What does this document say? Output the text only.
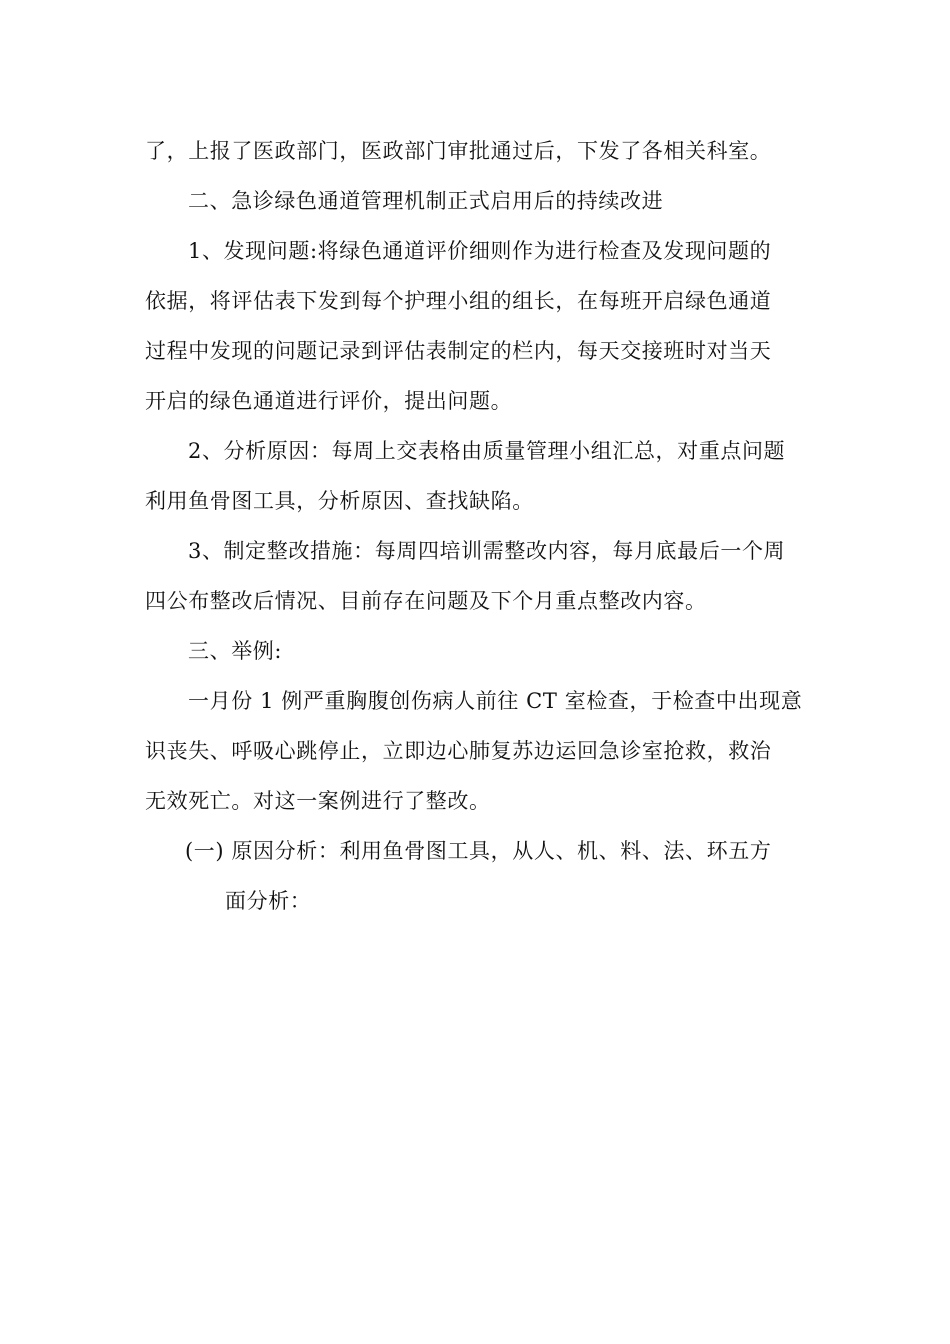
了，上报了医政部门，医政部门审批通过后，下发了各相关科室。
二、急诊绿色通道管理机制正式启用后的持续改进
1、发现问题:将绿色通道评价细则作为进行检查及发现问题的
依据，将评估表下发到每个护理小组的组长，在每班开启绿色通道
过程中发现的问题记录到评估表制定的栏内，每天交接班时对当天
开启的绿色通道进行评价，提出问题。
2、分析原因：每周上交表格由质量管理小组汇总，对重点问题
利用鱼骨图工具，分析原因、查找缺陷。
3、制定整改措施：每周四培训需整改内容，每月底最后一个周
四公布整改后情况、目前存在问题及下个月重点整改内容。
三、举例:
一月份 1 例严重胸腹创伤病人前往 CT 室检查，于检查中出现意
识丧失、呼吸心跳停止，立即边心肺复苏边运回急诊室抢救，救治
无效死亡。对这一案例进行了整改。
(一) 原因分析：利用鱼骨图工具，从人、机、料、法、环五方
面分析：
